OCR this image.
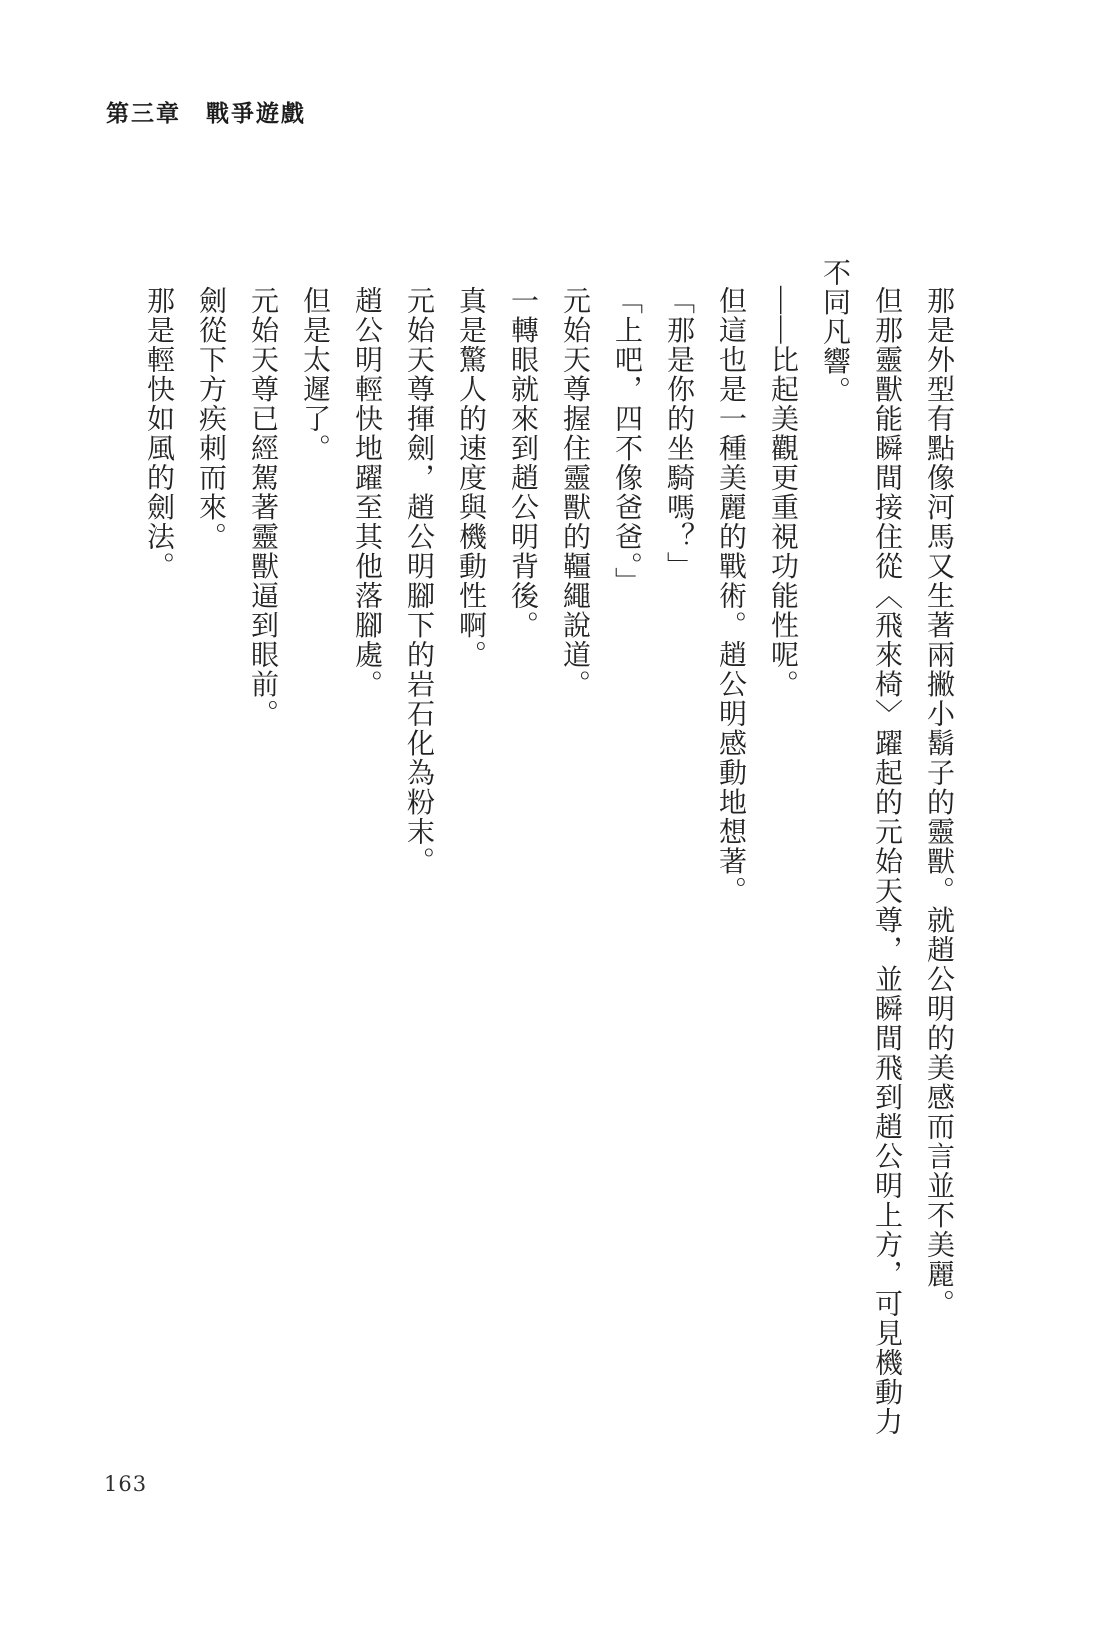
第三章　戰爭遊戲
那是外型有點像河馬又生著兩撇小鬍子的靈獸。就趙公明的美感而言並不美麗。
但那靈獸能瞬間接住從〈飛來椅〉躍起的元始天尊，並瞬間飛到趙公明上方，可見機動力
不同凡響。
——比起美觀更重視功能性呢。
但這也是一種美麗的戰術。趙公明感動地想著。
「那是你的坐騎嗎？」
「上吧，四不像爸爸。」
元始天尊握住靈獸的韁繩說道。
一轉眼就來到趙公明背後。
真是驚人的速度與機動性啊。
元始天尊揮劍，趙公明腳下的岩石化為粉末。
趙公明輕快地躍至其他落腳處。
但是太遲了。
元始天尊已經駕著靈獸逼到眼前。
劍從下方疾刺而來。
那是輕快如風的劍法。
163
